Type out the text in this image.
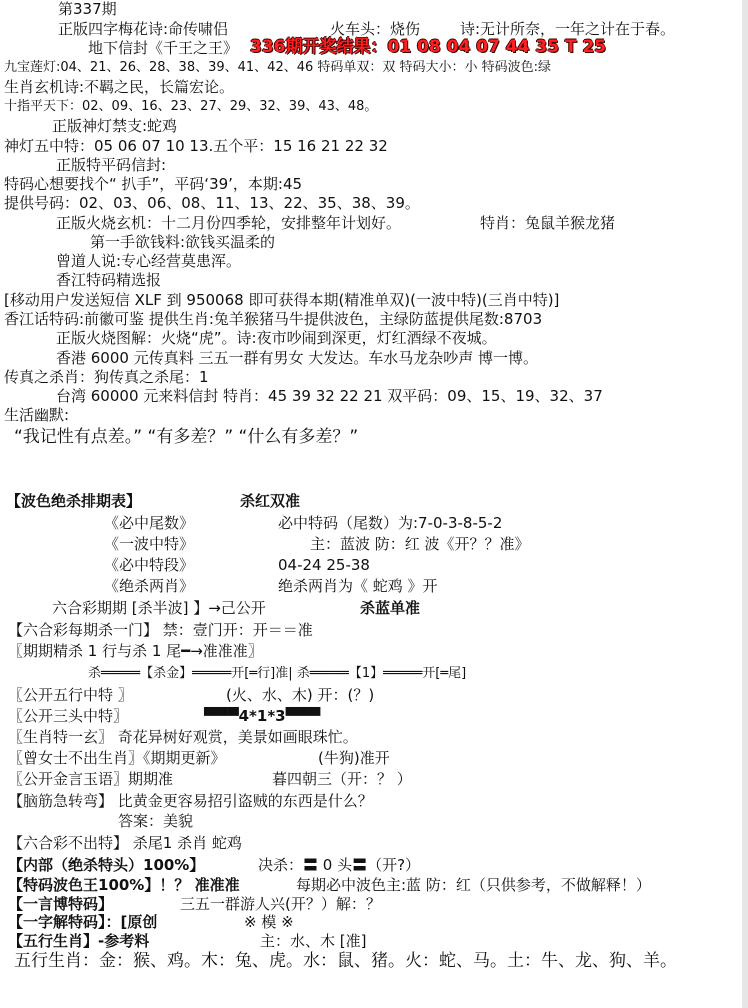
第337期
正版四字梅花诗:命传啸侣	火车头：烧伤	诗:无计所奈，一年之计在于春。
地下信封《千王之王》 336期开奖结果：01 08 04 07 44 35 T 25
九宝莲灯:04、21、26、28、38、39、41、42、46 特码单双：双 特码大小：小 特码波色:绿
生肖玄机诗:不羁之民，长篇宏论。
十指平天下：02、09、16、23、27、29、32、39、43、48。
正版神灯禁支:蛇鸡
神灯五中特：05 06 07 10 13.五个平：15 16 21 22 32
正版特平码信封:
特码心想要找个“ 扒手”，平码‘39’，本期:45
提供号码：02、03、06、08、11、13、22、35、38、39。
正版火烧玄机：十二月份四季轮，安排整年计划好。	特肖：兔鼠羊猴龙猪
第一手欲钱料:欲钱买温柔的
曾道人说:专心经营莫患浑。
香江特码精选报
[移动用户发送短信 XLF 到 950068 即可获得本期(精准单双)(一波中特)(三肖中特)]
香江话特码:前徽可鉴 提供生肖:兔羊猴猪马牛提供波色，主绿防蓝提供尾数:8703
正版火烧图解：火烧“虎”。诗:夜市吵闹到深更，灯红酒绿不夜城。
香港 6000 元传真料 三五一群有男女 大发达。车水马龙杂吵声 博一博。
传真之杀肖：狗传真之杀尾：1
台湾 60000 元来料信封 特肖：45 39 32 22 21 双平码：09、15、19、32、37
生活幽默:
“我记性有点差。” “有多差？” “什么有多差？”
【波色绝杀排期表】	杀红双准
《必中尾数》	必中特码（尾数）为:7-0-3-8-5-2
《一波中特》	主：蓝波 防：红 波《开？？准》
《必中特段》	04-24 25-38
《绝杀两肖》	绝杀两肖为《 蛇鸡 》开
六合彩期期 [杀半波] 】→己公开	杀蓝单准
【六合彩每期杀一门】 禁：壹门开：开＝＝准
〖期期精杀 1 行与杀 1 尾━→准准准〗
杀═════【杀金】═════开[═行]准| 杀═════【1】═════开[═尾]
〖公开五行中特 〗	(火、水、木) 开：(？)
〖公开三头中特〗	▀▀▀4*1*3▀▀▀
〖生肖特一玄〗 奇花异树好观赏，美景如画眼珠忙。
〖曾女士不出生肖〗《期期更新》	(牛狗)准开
〖公开金言玉语〗期期准	暮四朝三（开：？ ）
【脑筋急转弯】 比黄金更容易招引盗贼的东西是什么？
答案：美貌
【六合彩不出特】 杀尾1 杀肖 蛇鸡
【内部（绝杀特头）100%】	决杀：〓 0 头〓（开?）
【特码波色王100%】！？ 准准准	每期必中波色主:蓝 防：红（只供参考，不做解释！）
【一言博特码】	三五一群游人兴(开？）解：？
【一字解特码】：[原创	※ 模 ※
【五行生肖】-参考料	主：水、木 [准]
五行生肖：金：猴、鸡。木：兔、虎。水：鼠、猪。火：蛇、马。土：牛、龙、狗、羊。
